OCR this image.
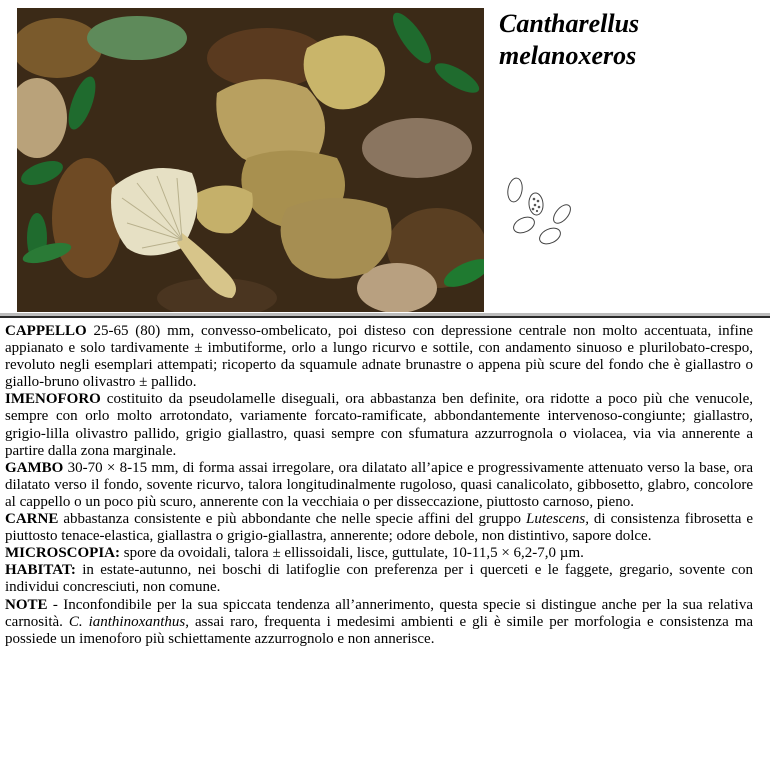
Cantharellus
melanoxeros

CAPPELLO 25-65 (80) mm, convesso-ombelicato, poi disteso con depressione centrale non molto accentuata, infine appianato e solo tardivamente ± imbutiforme, orlo a lungo ricurvo e sottile, con andamento sinuoso e plurilobato-crespo, revoluto negli esemplari attempati; ricoperto da squamule adnate brunastre o appena più scure del fondo che è giallastro o giallo-bruno olivastro ± pallido.

IMENOFORO costituito da pseudolamelle diseguali, ora abbastanza ben definite, ora ridotte a poco più che venucole, sempre con orlo molto arrotondato, variamente forcato-ramificate, abbondantemente intervenoso-congiunte; giallastro, grigio-lilla olivastro pallido, grigio giallastro, quasi sempre con sfumatura azzurrognola o violacea, via via annerente a partire dalla zona marginale.

GAMBO 30-70 × 8-15 mm, di forma assai irregolare, ora dilatato all’apice e progressivamente attenuato verso la base, ora dilatato verso il fondo, sovente ricurvo, talora longitudinalmente rugoloso, quasi canalicolato, gibbosetto, glabro, concolore al cappello o un poco più scuro, annerente con la vecchiaia o per disseccazione, piuttosto carnoso, pieno.

CARNE abbastanza consistente e più abbondante che nelle specie affini del gruppo Lutescens, di consistenza fibrosetta e piuttosto tenace-elastica, giallastra o grigio-giallastra, annerente; odore debole, non distintivo, sapore dolce.

MICROSCOPIA: spore da ovoidali, talora ± ellissoidali, lisce, guttulate, 10-11,5 × 6,2-7,0 µm.

HABITAT: in estate-autunno, nei boschi di latifoglie con preferenza per i querceti e le faggete, gregario, sovente con individui concresciuti, non comune.

NOTE - Inconfondibile per la sua spiccata tendenza all’annerimento, questa specie si distingue anche per la sua relativa carnosità. C. ianthinoxanthus, assai raro, frequenta i medesimi ambienti e gli è simile per morfologia e consistenza ma possiede un imenoforo più schiettamente azzurrognolo e non annerisce.
